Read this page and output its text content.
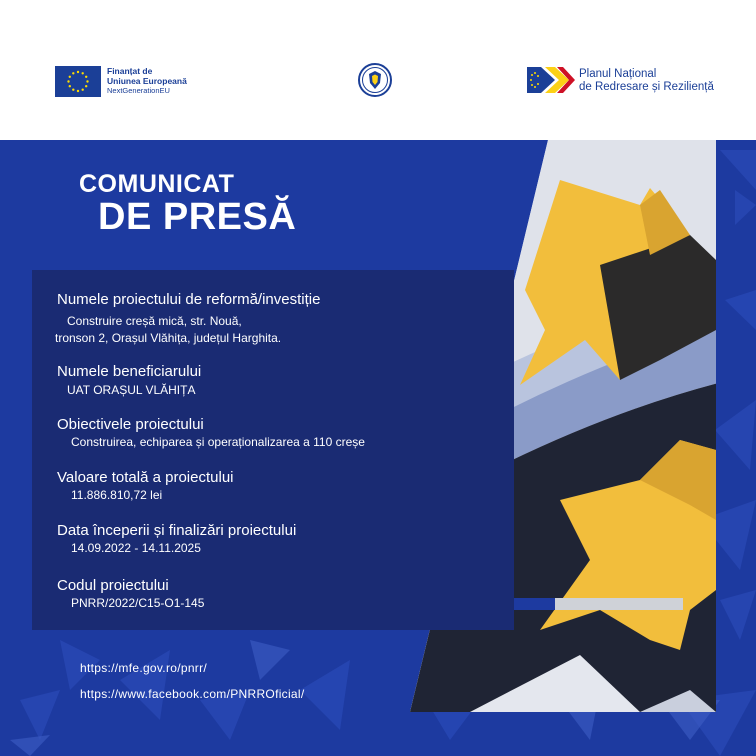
Finanțat de
Uniunea Europeană
NextGenerationEU
Planul Național
de Redresare și Reziliență
COMUNICAT
DE PRESĂ
Numele proiectului de reformă/investiție
Construire creșă mică, str. Nouă,
tronson 2, Orașul Vlăhița, județul Harghita.
Numele beneficiarului
UAT ORAȘUL VLĂHIȚA
Obiectivele proiectului
Construirea, echiparea și operaționalizarea a 110 creșe
Valoare totală a proiectului
11.886.810,72 lei
Data începerii și finalizări proiectului
14.09.2022 - 14.11.2025
Codul proiectului
PNRR/2022/C15-O1-145
https://mfe.gov.ro/pnrr/
https://www.facebook.com/PNRROficial/
